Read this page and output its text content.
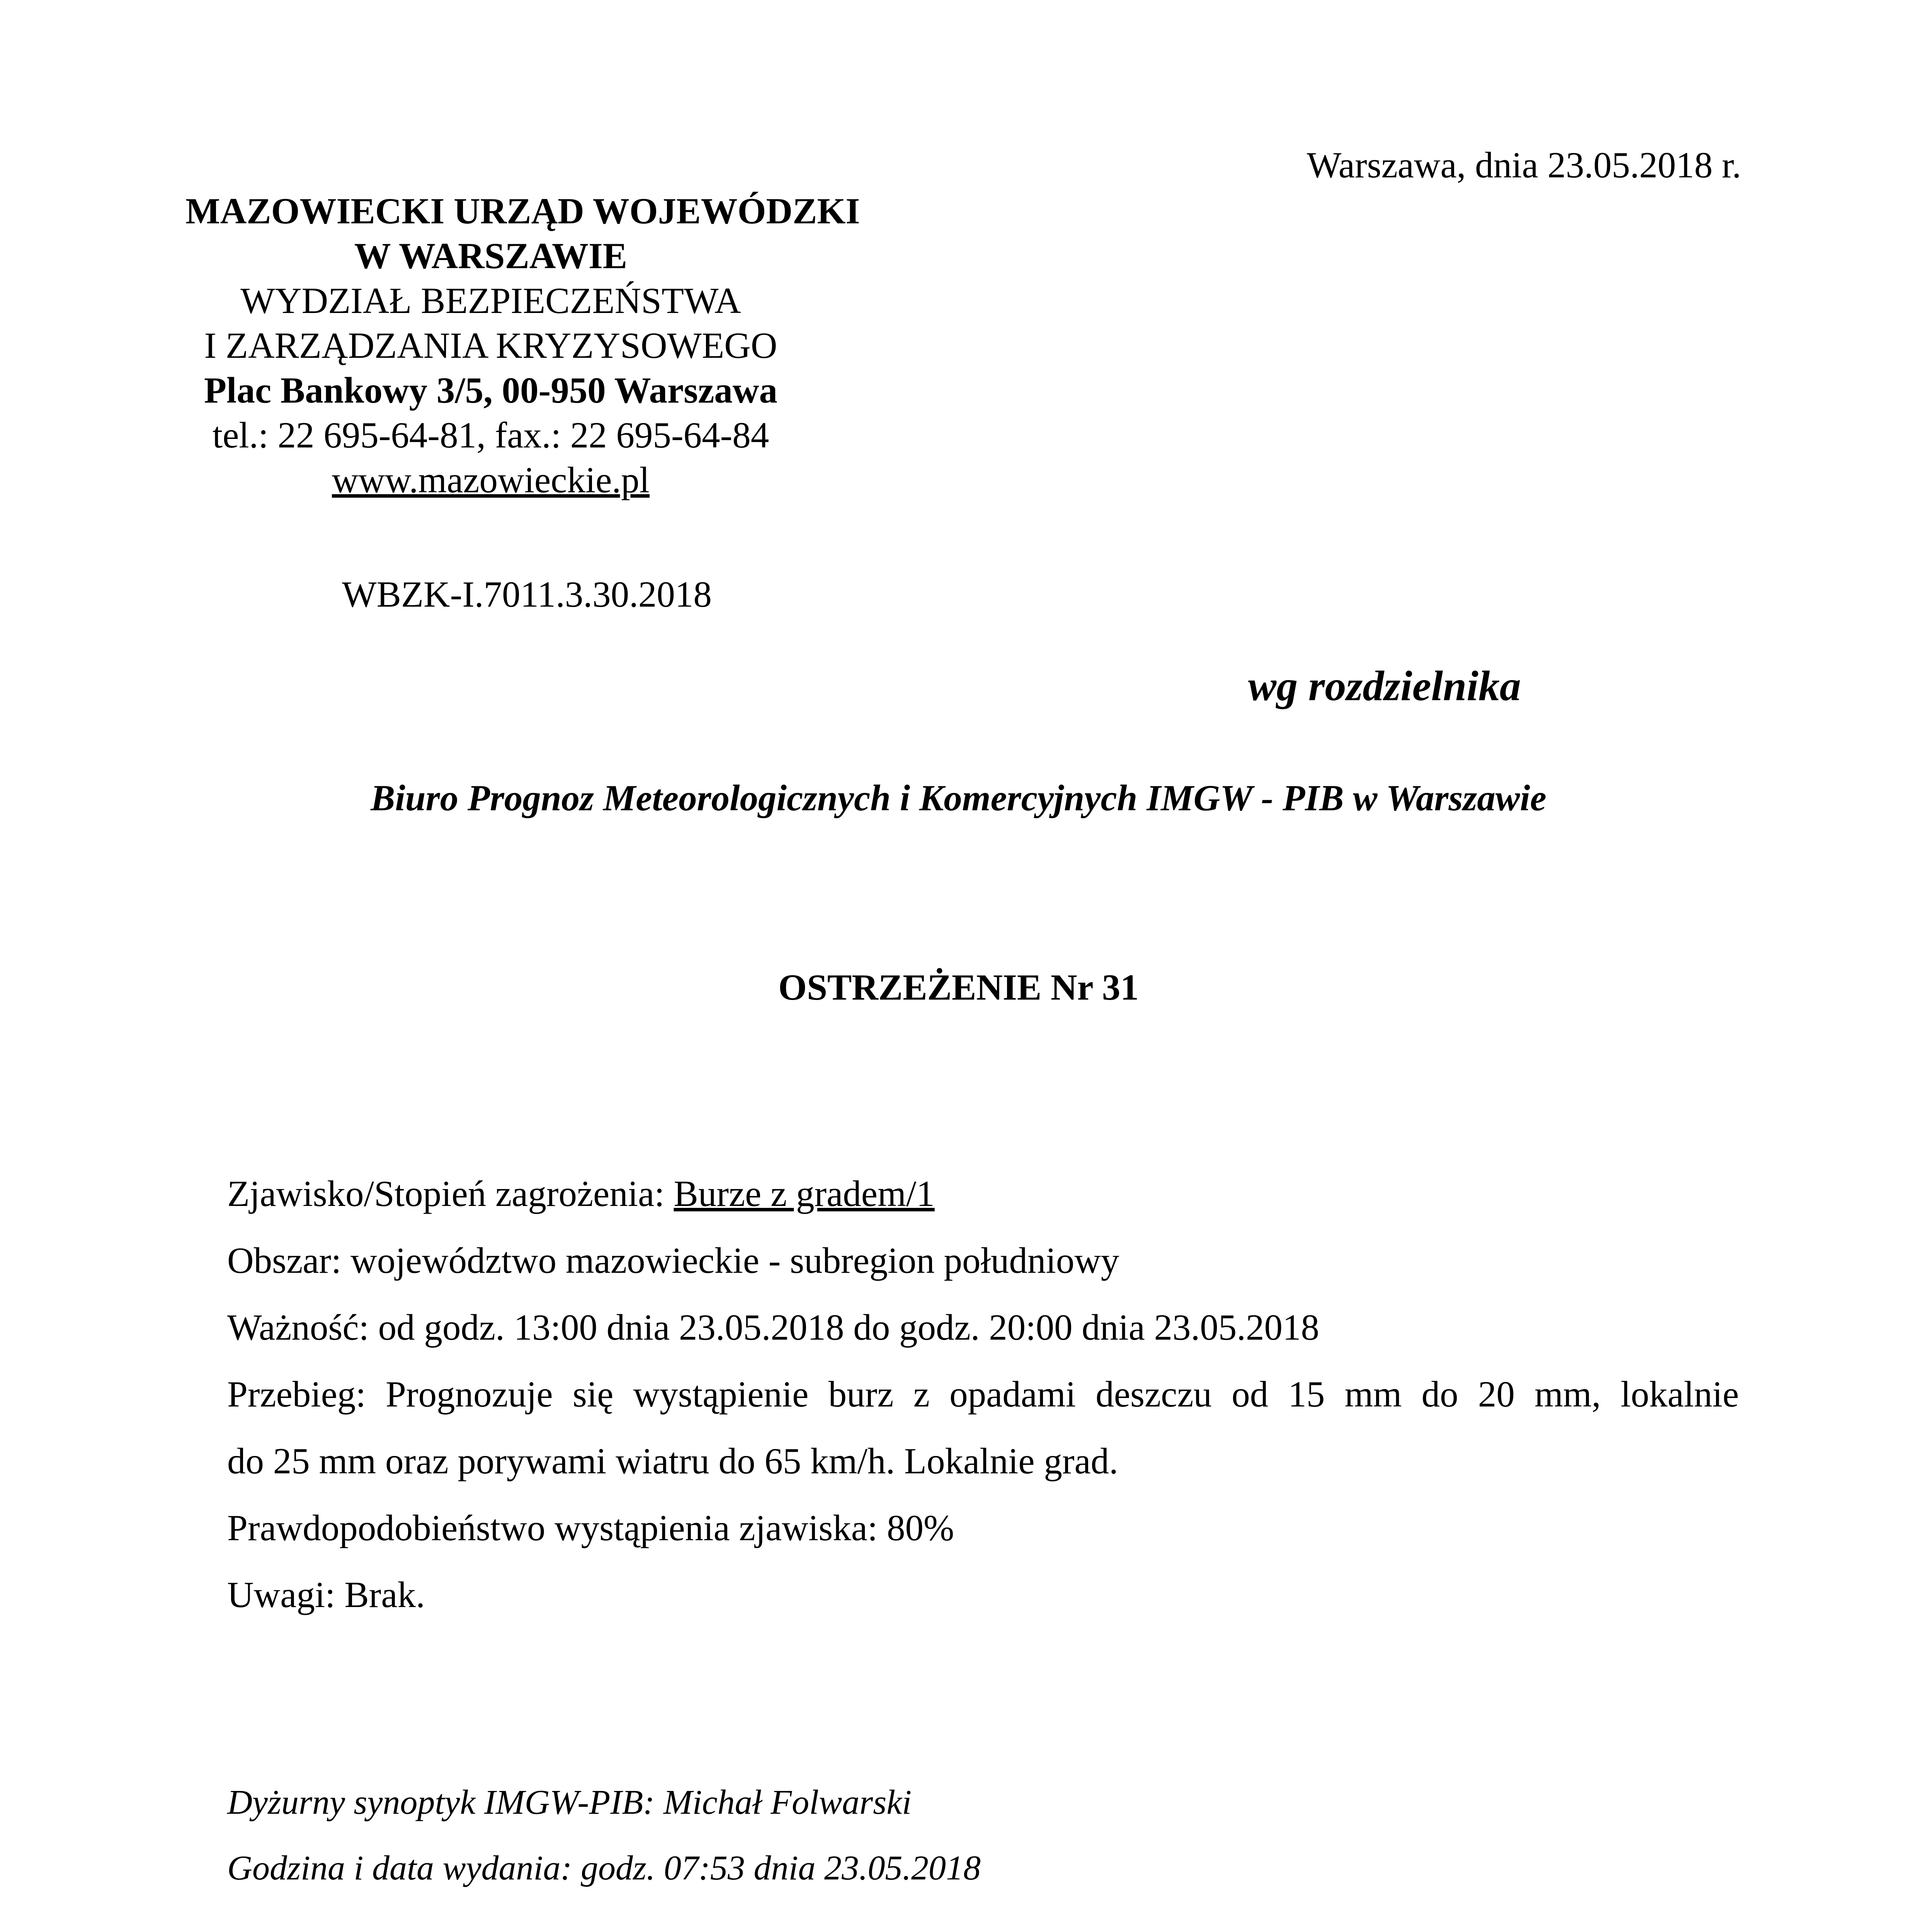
Warszawa, dnia 23.05.2018 r.
MAZOWIECKI URZĄD WOJEWÓDZKI
W WARSZAWIE
WYDZIAŁ BEZPIECZEŃSTWA
I ZARZĄDZANIA KRYZYSOWEGO
Plac Bankowy 3/5, 00-950 Warszawa
tel.: 22 695-64-81, fax.: 22 695-64-84
www.mazowieckie.pl
WBZK-I.7011.3.30.2018
wg rozdzielnika
Biuro Prognoz Meteorologicznych i Komercyjnych IMGW - PIB w Warszawie
OSTRZEŻENIE Nr 31
Zjawisko/Stopień zagrożenia: Burze z gradem/1
Obszar: województwo mazowieckie - subregion południowy
Ważność: od godz. 13:00 dnia 23.05.2018 do godz. 20:00 dnia 23.05.2018
Przebieg: Prognozuje się wystąpienie burz z opadami deszczu od 15 mm do 20 mm, lokalnie
do 25 mm oraz porywami wiatru do 65 km/h. Lokalnie grad.
Prawdopodobieństwo wystąpienia zjawiska: 80%
Uwagi: Brak.
Dyżurny synoptyk IMGW-PIB: Michał Folwarski
Godzina i data wydania: godz. 07:53 dnia 23.05.2018
